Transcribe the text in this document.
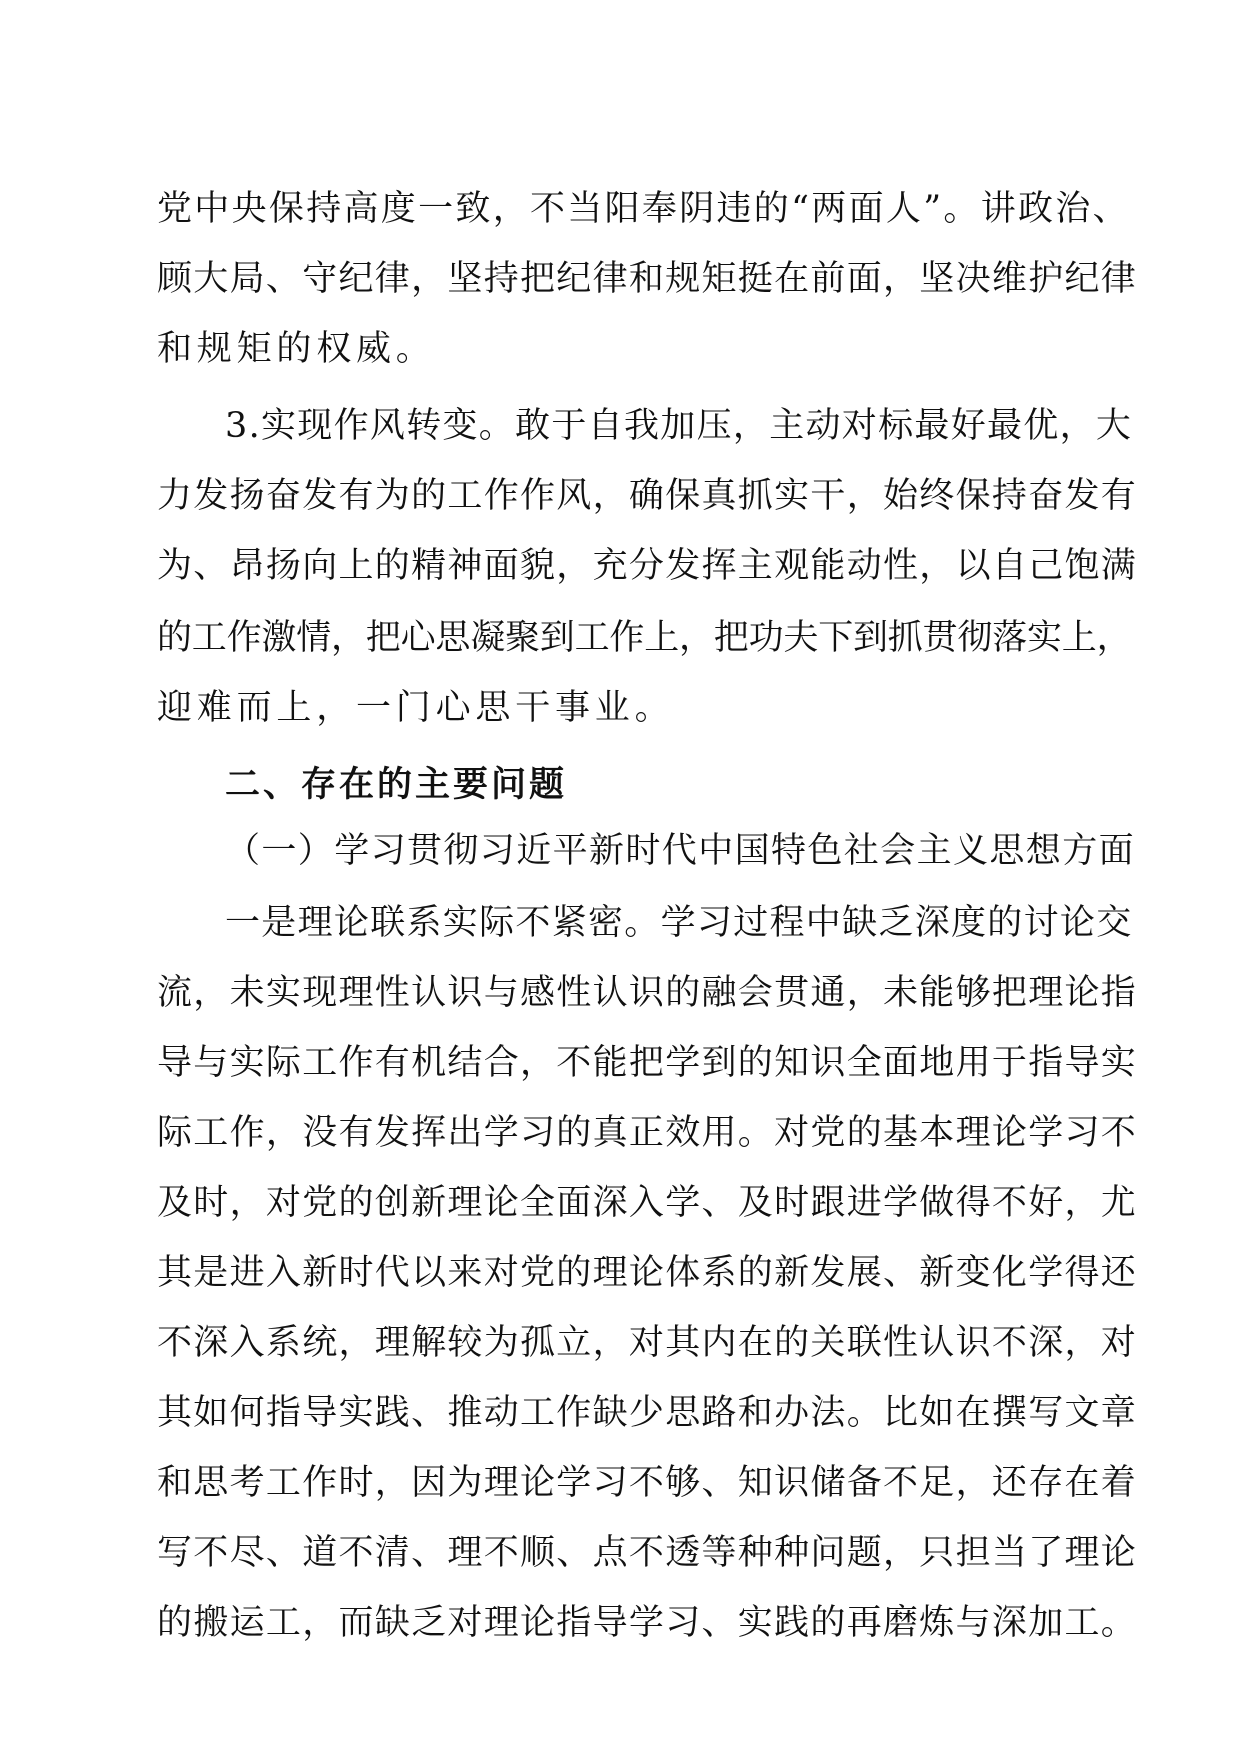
党中央保持高度一致，不当阳奉阴违的“两面人”。讲政治、
顾大局、守纪律，坚持把纪律和规矩挺在前面，坚决维护纪律
和规矩的权威。
3.实现作风转变。敢于自我加压，主动对标最好最优，大
力发扬奋发有为的工作作风，确保真抓实干，始终保持奋发有
为、昂扬向上的精神面貌，充分发挥主观能动性，以自己饱满
的工作激情，把心思凝聚到工作上，把功夫下到抓贯彻落实上，
迎难而上，一门心思干事业。
二、存在的主要问题
（一）学习贯彻习近平新时代中国特色社会主义思想方面
一是理论联系实际不紧密。学习过程中缺乏深度的讨论交
流，未实现理性认识与感性认识的融会贯通，未能够把理论指
导与实际工作有机结合，不能把学到的知识全面地用于指导实
际工作，没有发挥出学习的真正效用。对党的基本理论学习不
及时，对党的创新理论全面深入学、及时跟进学做得不好，尤
其是进入新时代以来对党的理论体系的新发展、新变化学得还
不深入系统，理解较为孤立，对其内在的关联性认识不深，对
其如何指导实践、推动工作缺少思路和办法。比如在撰写文章
和思考工作时，因为理论学习不够、知识储备不足，还存在着
写不尽、道不清、理不顺、点不透等种种问题，只担当了理论
的搬运工，而缺乏对理论指导学习、实践的再磨炼与深加工。
